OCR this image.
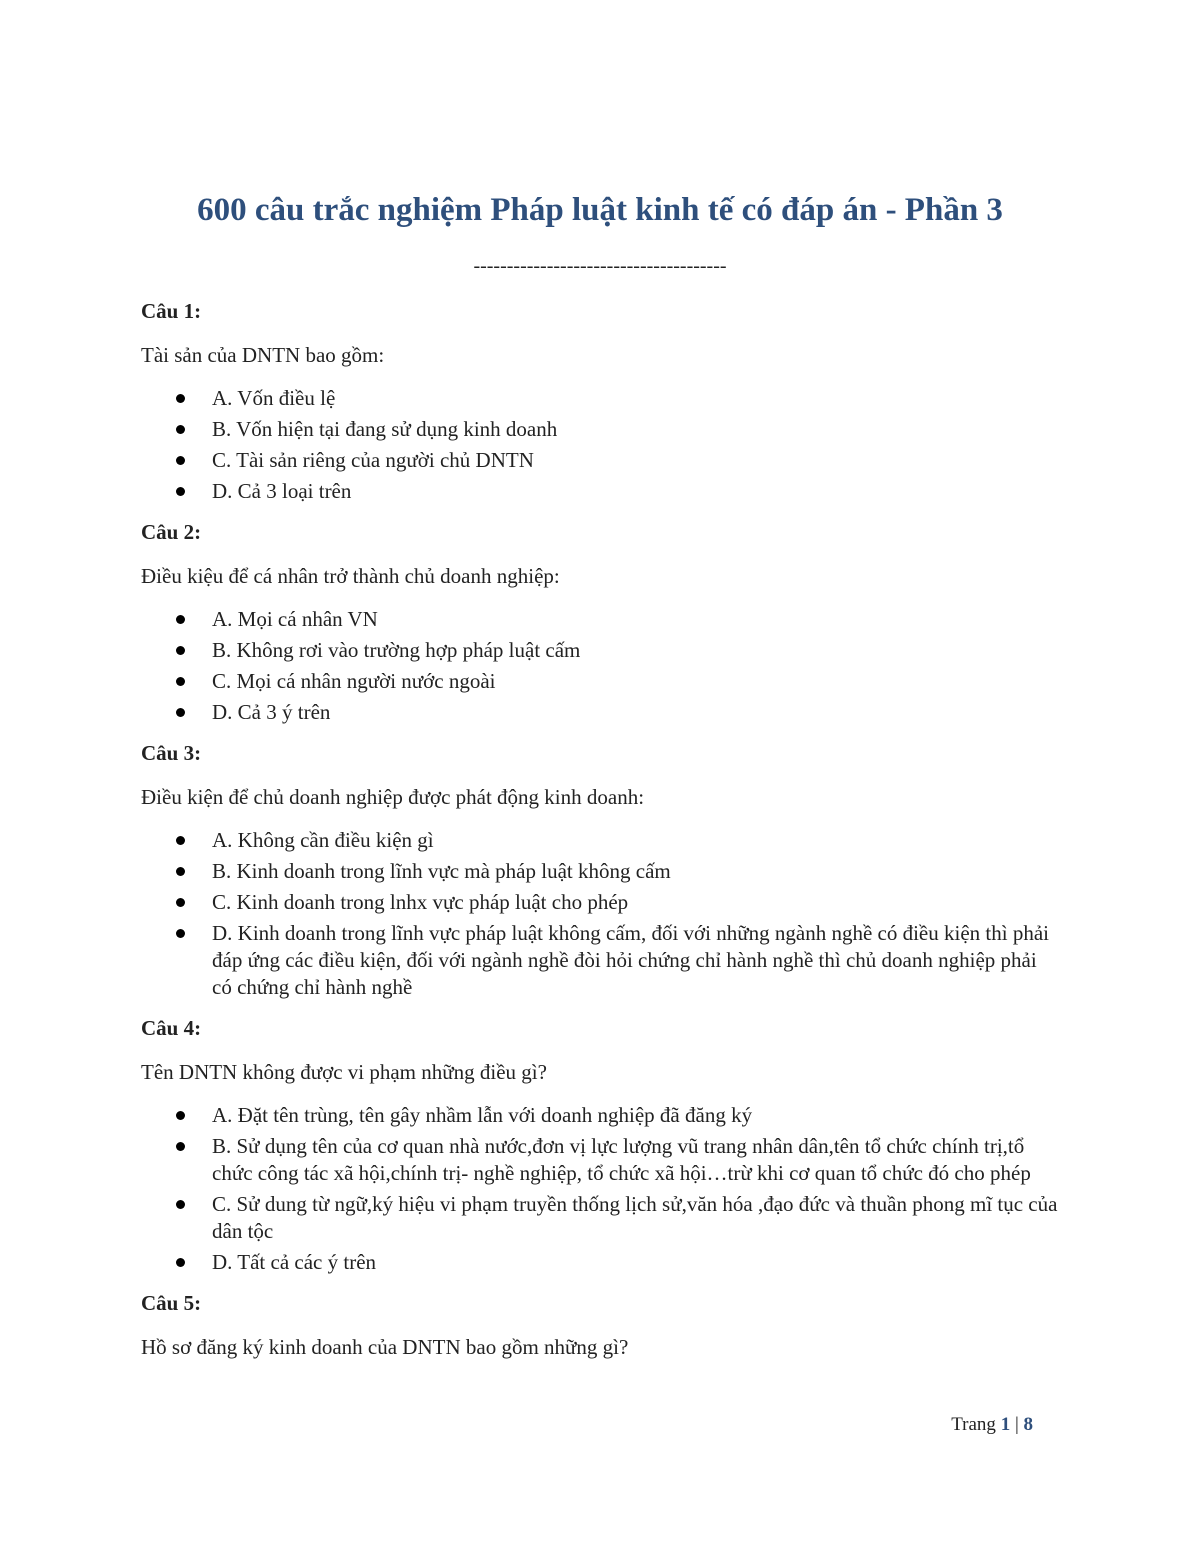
600 câu trắc nghiệm Pháp luật kinh tế có đáp án - Phần 3
--------------------------------------
Câu 1:
Tài sản của DNTN bao gồm:
A. Vốn điều lệ
B. Vốn hiện tại đang sử dụng kinh doanh
C. Tài sản riêng của người chủ DNTN
D. Cả 3 loại trên
Câu 2:
Điều kiệu để cá nhân trở thành chủ doanh nghiệp:
A. Mọi cá nhân VN
B. Không rơi vào trường hợp pháp luật cấm
C. Mọi cá nhân người nước ngoài
D. Cả 3 ý trên
Câu 3:
Điều kiện để chủ doanh nghiệp được phát động kinh doanh:
A. Không cần điều kiện gì
B. Kinh doanh trong lĩnh vực mà pháp luật không cấm
C. Kinh doanh trong lnhx vực pháp luật cho phép
D. Kinh doanh trong lĩnh vực pháp luật không cấm, đối với những ngành nghề có điều kiện thì phải đáp ứng các điều kiện, đối với ngành nghề đòi hỏi chứng chỉ hành nghề thì chủ doanh nghiệp phải có chứng chỉ hành nghề
Câu 4:
Tên DNTN không được vi phạm những điều gì?
A. Đặt tên trùng, tên gây nhầm lẫn với doanh nghiệp đã đăng ký
B. Sử dụng tên của cơ quan nhà nước,đơn vị lực lượng vũ trang nhân dân,tên tổ chức chính trị,tổ chức công tác xã hội,chính trị- nghề nghiệp, tổ chức xã hội…trừ khi cơ quan tổ chức đó cho phép
C. Sử dung từ ngữ,ký hiệu vi phạm truyền thống lịch sử,văn hóa ,đạo đức và thuần phong mĩ tục của dân tộc
D. Tất cả các ý trên
Câu 5:
Hồ sơ đăng ký kinh doanh của DNTN bao gồm những gì?
Trang 1 | 8
